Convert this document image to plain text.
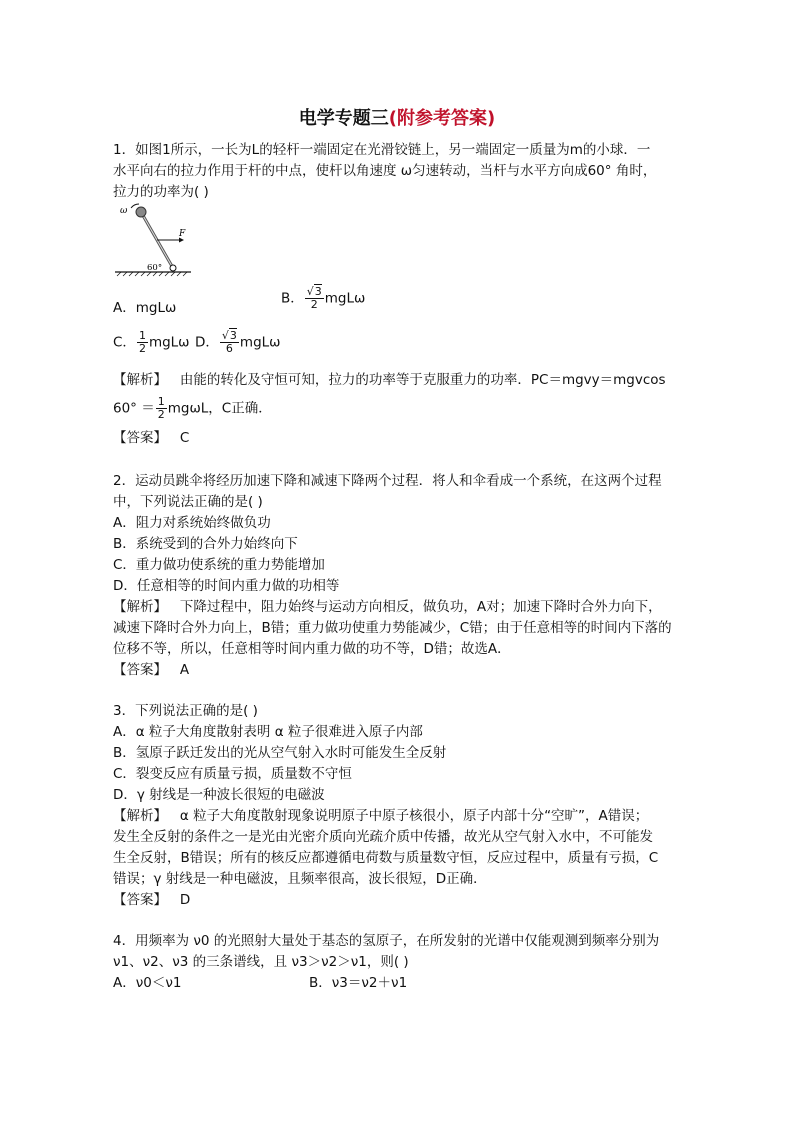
电学专题三(附参考答案)
1．如图1所示，一长为L的轻杆一端固定在光滑铰链上，另一端固定一质量为m的小球．一
水平向右的拉力作用于杆的中点，使杆以角速度 ω匀速转动，当杆与水平方向成60° 角时，
拉力的功率为( )
ω
F
60°
A．mgLω
B． $\frac{√3}{2}$ mgLω
C． $\frac{1}{2}$ mgLω D． $\frac{√3}{6}$ mgLω
【解析】 由能的转化及守恒可知，拉力的功率等于克服重力的功率．PC＝mgvy＝mgvcos
$60^\circ = \frac{1}{2}$ mgωL，C正确．
【答案】 C
2．运动员跳伞将经历加速下降和减速下降两个过程．将人和伞看成一个系统，在这两个过程
中，下列说法正确的是( )
A．阻力对系统始终做负功
B．系统受到的合外力始终向下
C．重力做功使系统的重力势能增加
D．任意相等的时间内重力做的功相等
【解析】 下降过程中，阻力始终与运动方向相反，做负功，A对；加速下降时合外力向下，
减速下降时合外力向上，B错；重力做功使重力势能减少，C错；由于任意相等的时间内下落的
位移不等，所以，任意相等时间内重力做的功不等，D错；故选A．
【答案】 A
3．下列说法正确的是( )
A．α 粒子大角度散射表明 α 粒子很难进入原子内部
B．氢原子跃迁发出的光从空气射入水时可能发生全反射
C．裂变反应有质量亏损，质量数不守恒
D．γ 射线是一种波长很短的电磁波
【解析】 α 粒子大角度散射现象说明原子中原子核很小，原子内部十分“空旷”，A错误；
发生全反射的条件之一是光由光密介质向光疏介质中传播，故光从空气射入水中，不可能发
生全反射，B错误；所有的核反应都遵循电荷数与质量数守恒，反应过程中，质量有亏损，C
错误；γ 射线是一种电磁波，且频率很高，波长很短，D正确．
【答案】 D
4．用频率为 ν0 的光照射大量处于基态的氢原子，在所发射的光谱中仅能观测到频率分别为
ν1、ν2、ν3 的三条谱线，且 ν3＞ν2＞ν1，则( )
A．ν0＜ν1	B．ν3＝ν2＋ν1
